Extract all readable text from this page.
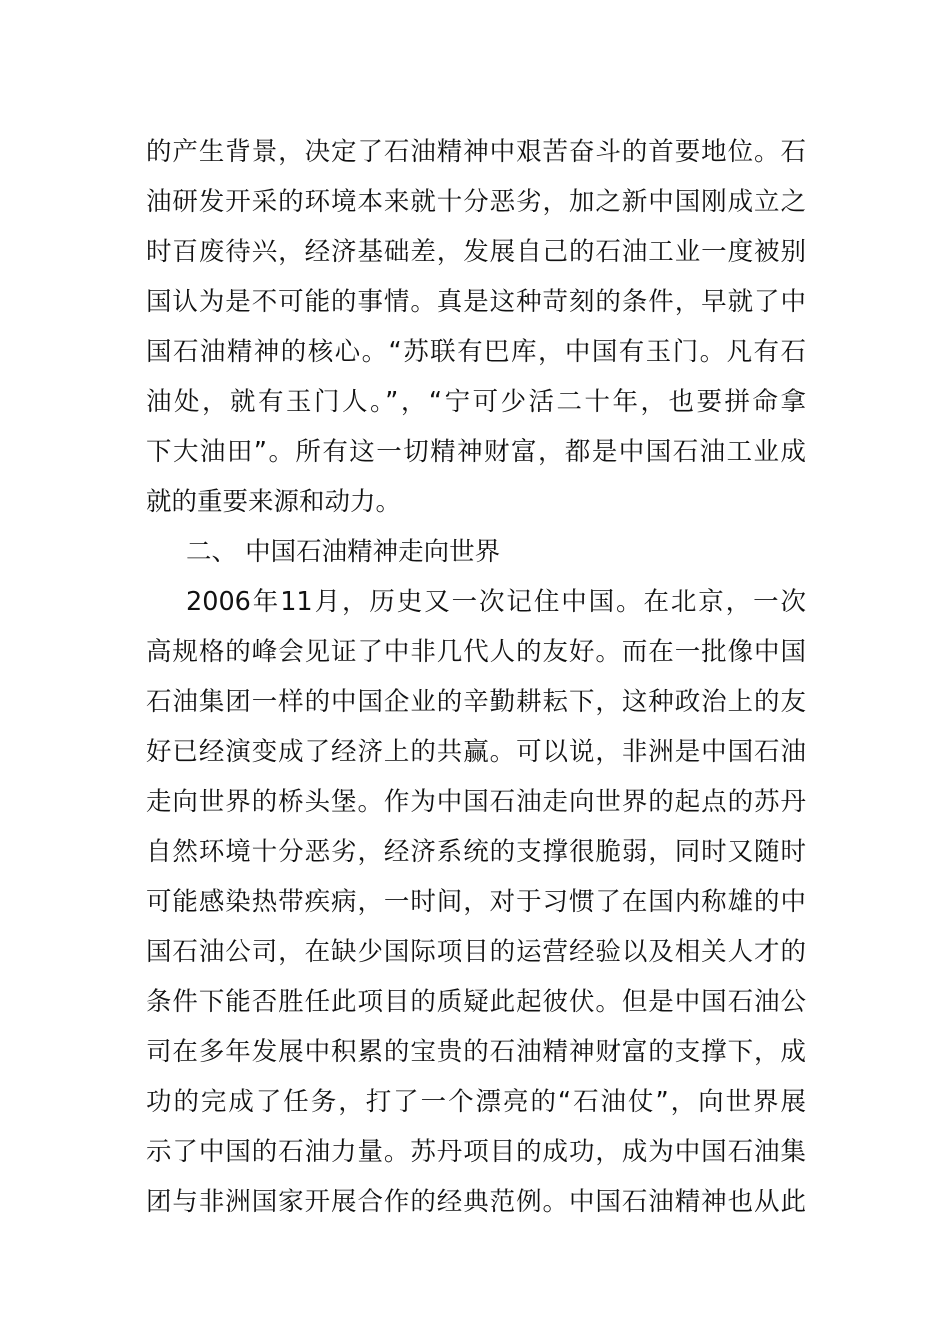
的产生背景，决定了石油精神中艰苦奋斗的首要地位。石
油研发开采的环境本来就十分恶劣，加之新中国刚成立之
时百废待兴，经济基础差，发展自己的石油工业一度被别
国认为是不可能的事情。真是这种苛刻的条件，早就了中
国石油精神的核心。“苏联有巴库，中国有玉门。凡有石
油处，就有玉门人。”，“宁可少活二十年，也要拼命拿
下大油田”。所有这一切精神财富，都是中国石油工业成
就的重要来源和动力。
二、 中国石油精神走向世界
2006年11月，历史又一次记住中国。在北京，一次
高规格的峰会见证了中非几代人的友好。而在一批像中国
石油集团一样的中国企业的辛勤耕耘下，这种政治上的友
好已经演变成了经济上的共赢。可以说，非洲是中国石油
走向世界的桥头堡。作为中国石油走向世界的起点的苏丹
自然环境十分恶劣，经济系统的支撑很脆弱，同时又随时
可能感染热带疾病，一时间，对于习惯了在国内称雄的中
国石油公司，在缺少国际项目的运营经验以及相关人才的
条件下能否胜任此项目的质疑此起彼伏。但是中国石油公
司在多年发展中积累的宝贵的石油精神财富的支撑下，成
功的完成了任务，打了一个漂亮的“石油仗”，向世界展
示了中国的石油力量。苏丹项目的成功，成为中国石油集
团与非洲国家开展合作的经典范例。中国石油精神也从此
